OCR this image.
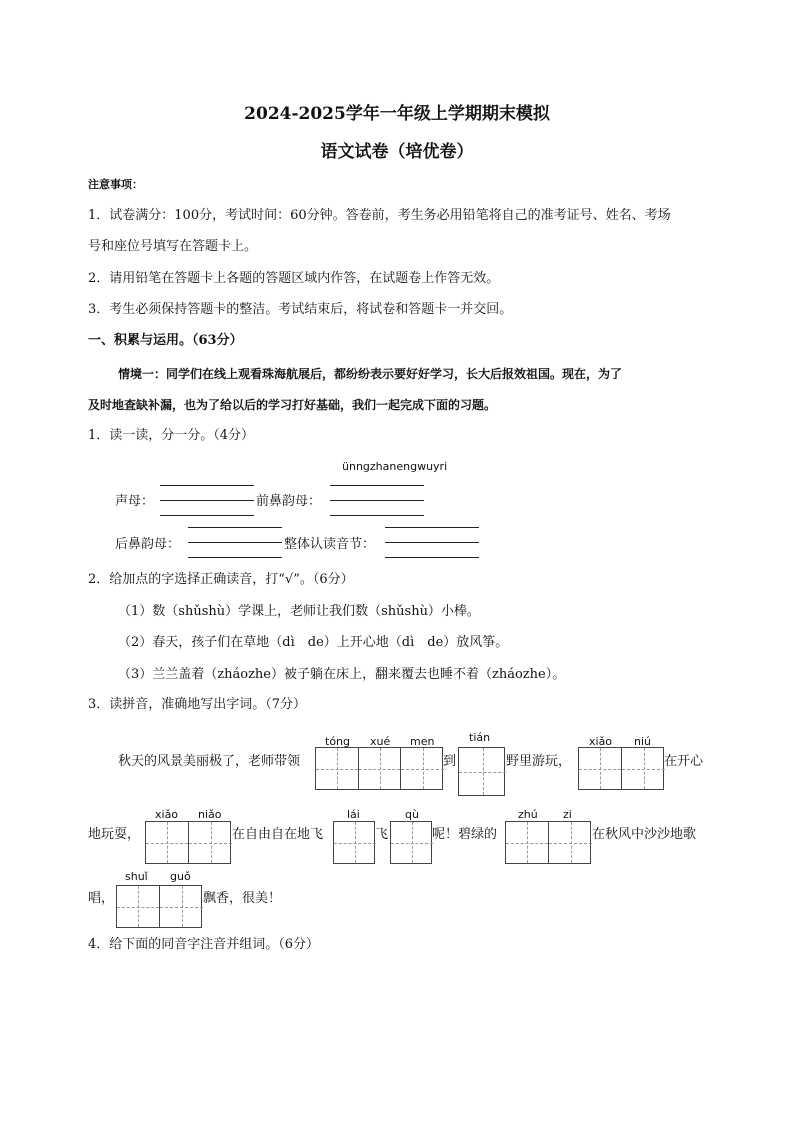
2024-2025学年一年级上学期期末模拟
语文试卷（培优卷）
注意事项：
1．试卷满分：100分，考试时间：60分钟。答卷前，考生务必用铅笔将自己的准考证号、姓名、考场
号和座位号填写在答题卡上。
2．请用铅笔在答题卡上各题的答题区域内作答，在试题卷上作答无效。
3．考生必须保持答题卡的整洁。考试结束后，将试卷和答题卡一并交回。
一、积累与运用。（63分）
情境一：同学们在线上观看珠海航展后，都纷纷表示要好好学习，长大后报效祖国。现在，为了
及时地查缺补漏，也为了给以后的学习打好基础，我们一起完成下面的习题。
1．读一读，分一分。（4分）
ünngzhanengwuyri
声母：	前鼻韵母：
后鼻韵母：	整体认读音节：
2．给加点的字选择正确读音，打“√”。（6分）
（1）数（shǔshù）学课上，老师让我们数（shǔshù）小棒。
（2）春天，孩子们在草地（dì　de）上开心地（dì　de）放风筝。
（3）兰兰盖着（zháozhe）被子躺在床上，翻来覆去也睡不着（zháozhe）。
3．读拼音，准确地写出字词。（7分）
tóng xué men	tián	xiǎo niú
秋天的风景美丽极了，老师带领	到	野里游玩，	在开心
xiǎo niǎo	lái	qù	zhú zi
地玩耍，	在自由自在地飞	飞	呢！碧绿的	在秋风中沙沙地歌
shuǐ guǒ
唱，	飘香，很美！
4．给下面的同音字注音并组词。（6分）
